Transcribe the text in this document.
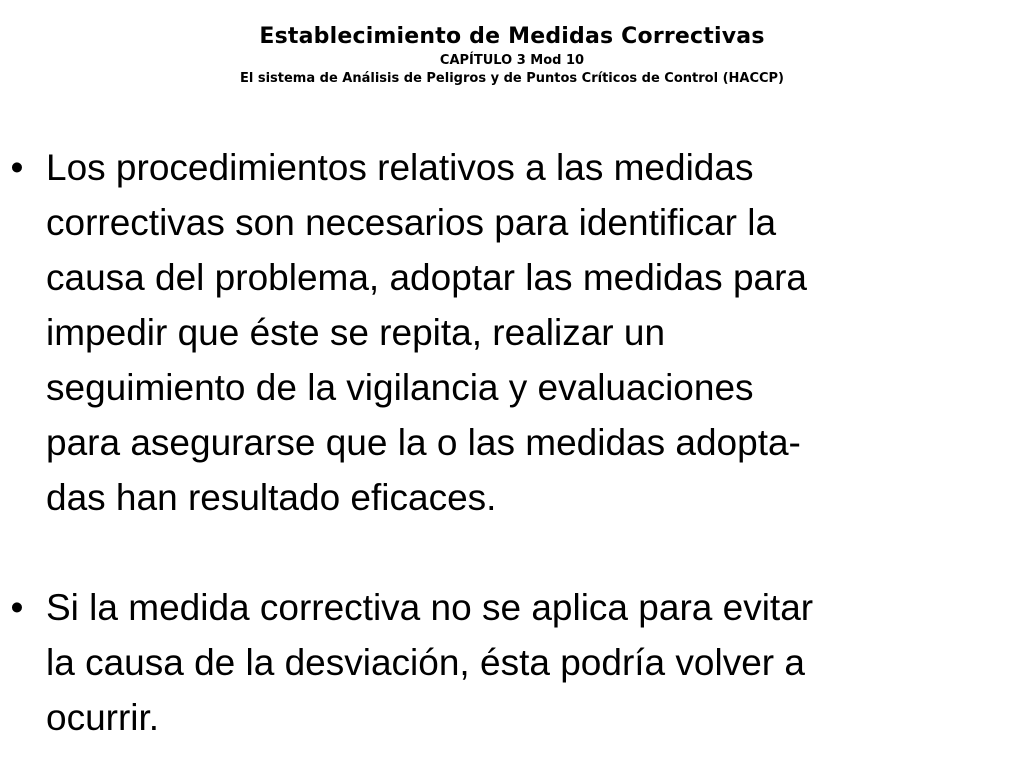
Establecimiento de Medidas Correctivas
CAPÍTULO 3 Mod 10
El sistema de Análisis de Peligros y de Puntos Críticos de Control (HACCP)
• Los procedimientos relativos a las medidas
correctivas son necesarios para identificar la
causa del problema, adoptar las medidas para
impedir que éste se repita, realizar un
seguimiento de la vigilancia y evaluaciones
para asegurarse que la o las medidas adopta-
das han resultado eficaces.
• Si la medida correctiva no se aplica para evitar
la causa de la desviación, ésta podría volver a
ocurrir.
